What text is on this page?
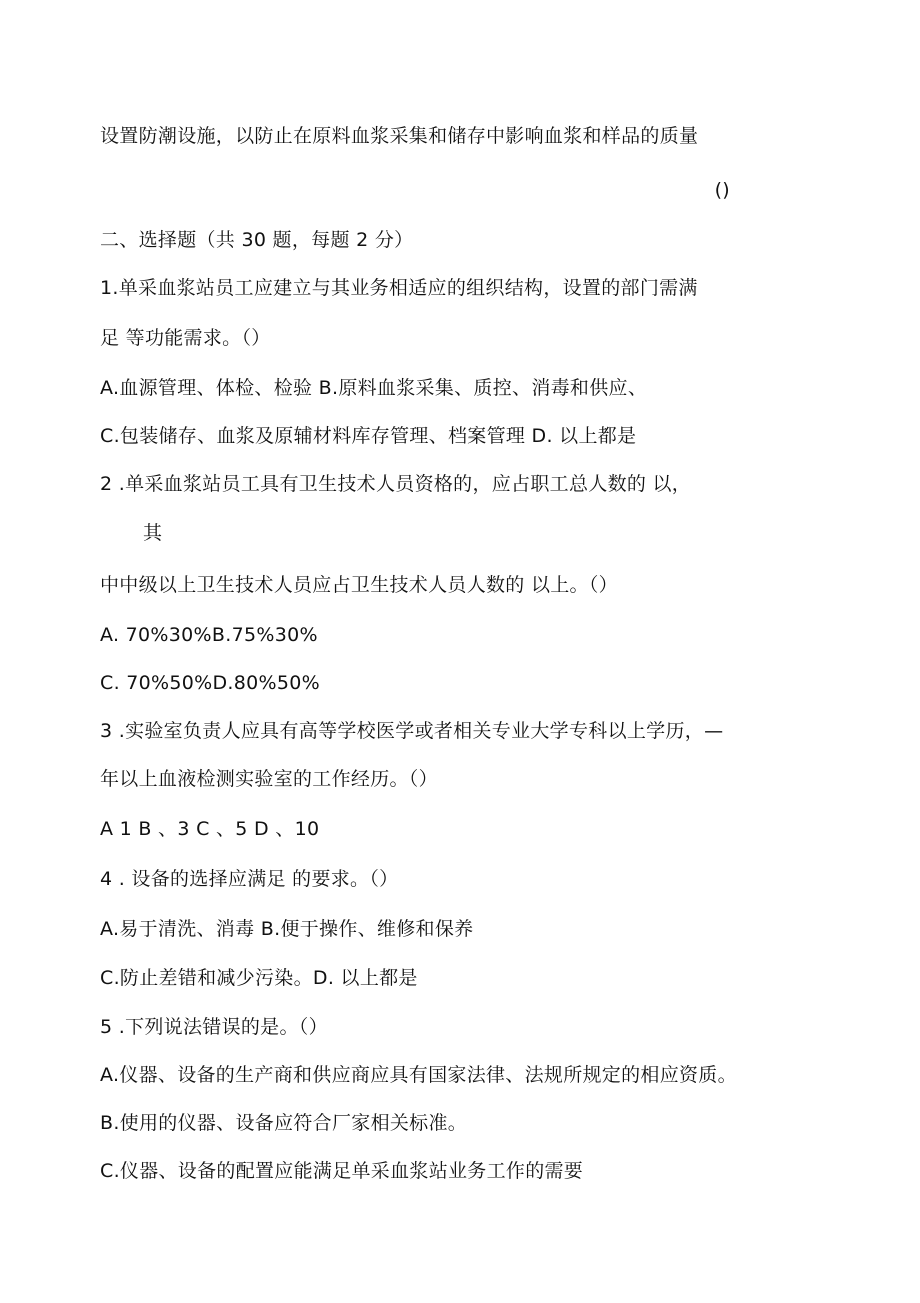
设置防潮设施，以防止在原料血浆采集和储存中影响血浆和样品的质量
()
二、选择题（共 30 题，每题 2 分）
1.单采血浆站员工应建立与其业务相适应的组织结构，设置的部门需满
足 等功能需求。（）
A.血源管理、体检、检验 B.原料血浆采集、质控、消毒和供应、
C.包装储存、血浆及原辅材料库存管理、档案管理 D. 以上都是
2 .单采血浆站员工具有卫生技术人员资格的，应占职工总人数的 以，
其
中中级以上卫生技术人员应占卫生技术人员人数的 以上。（）
A. 70%30%B.75%30%
C. 70%50%D.80%50%
3 .实验室负责人应具有高等学校医学或者相关专业大学专科以上学历，—
年以上血液检测实验室的工作经历。（）
A 1 B 、3 C 、5 D 、10
4 . 设备的选择应满足 的要求。（）
A.易于清洗、消毒 B.便于操作、维修和保养
C.防止差错和减少污染。D. 以上都是
5 .下列说法错误的是。（）
A.仪器、设备的生产商和供应商应具有国家法律、法规所规定的相应资质。
B.使用的仪器、设备应符合厂家相关标准。
C.仪器、设备的配置应能满足单采血浆站业务工作的需要
